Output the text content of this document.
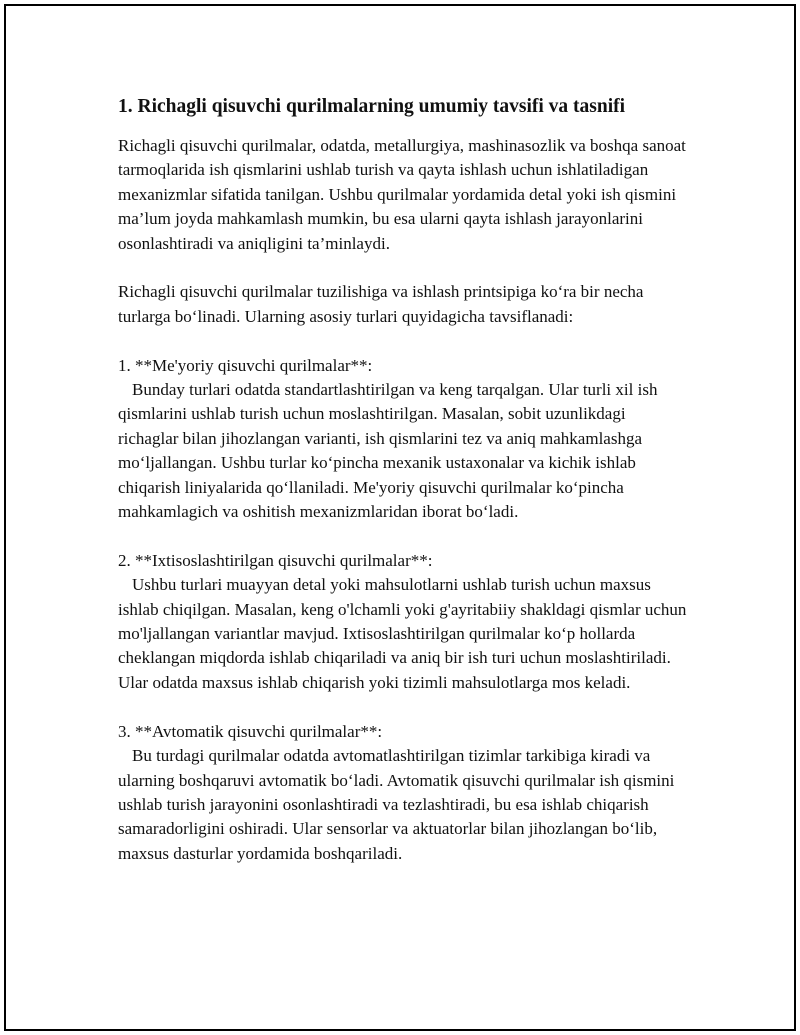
1. Richagli qisuvchi qurilmalarning umumiy tavsifi va tasnifi

Richagli qisuvchi qurilmalar, odatda, metallurgiya, mashinasozlik va boshqa sanoat tarmoqlarida ish qismlarini ushlab turish va qayta ishlash uchun ishlatiladigan mexanizmlar sifatida tanilgan. Ushbu qurilmalar yordamida detal yoki ish qismini ma’lum joyda mahkamlash mumkin, bu esa ularni qayta ishlash jarayonlarini osonlashtiradi va aniqligini ta’minlaydi.

Richagli qisuvchi qurilmalar tuzilishiga va ishlash printsipiga ko‘ra bir necha turlarga bo‘linadi. Ularning asosiy turlari quyidagicha tavsiflanadi:

1. **Me'yoriy qisuvchi qurilmalar**:
Bunday turlari odatda standartlashtirilgan va keng tarqalgan. Ular turli xil ish qismlarini ushlab turish uchun moslashtirilgan. Masalan, sobit uzunlikdagi richaglar bilan jihozlangan varianti, ish qismlarini tez va aniq mahkamlashga mo‘ljallangan. Ushbu turlar ko‘pincha mexanik ustaxonalar va kichik ishlab chiqarish liniyalarida qo‘llaniladi. Me'yoriy qisuvchi qurilmalar ko‘pincha mahkamlagich va oshitish mexanizmlaridan iborat bo‘ladi.

2. **Ixtisoslashtirilgan qisuvchi qurilmalar**:
Ushbu turlari muayyan detal yoki mahsulotlarni ushlab turish uchun maxsus ishlab chiqilgan. Masalan, keng o'lchamli yoki g'ayritabiiy shakldagi qismlar uchun mo'ljallangan variantlar mavjud. Ixtisoslashtirilgan qurilmalar ko‘p hollarda cheklangan miqdorda ishlab chiqariladi va aniq bir ish turi uchun moslashtiriladi. Ular odatda maxsus ishlab chiqarish yoki tizimli mahsulotlarga mos keladi.

3. **Avtomatik qisuvchi qurilmalar**:
Bu turdagi qurilmalar odatda avtomatlashtirilgan tizimlar tarkibiga kiradi va ularning boshqaruvi avtomatik bo‘ladi. Avtomatik qisuvchi qurilmalar ish qismini ushlab turish jarayonini osonlashtiradi va tezlashtiradi, bu esa ishlab chiqarish samaradorligini oshiradi. Ular sensorlar va aktuatorlar bilan jihozlangan bo‘lib, maxsus dasturlar yordamida boshqariladi.
